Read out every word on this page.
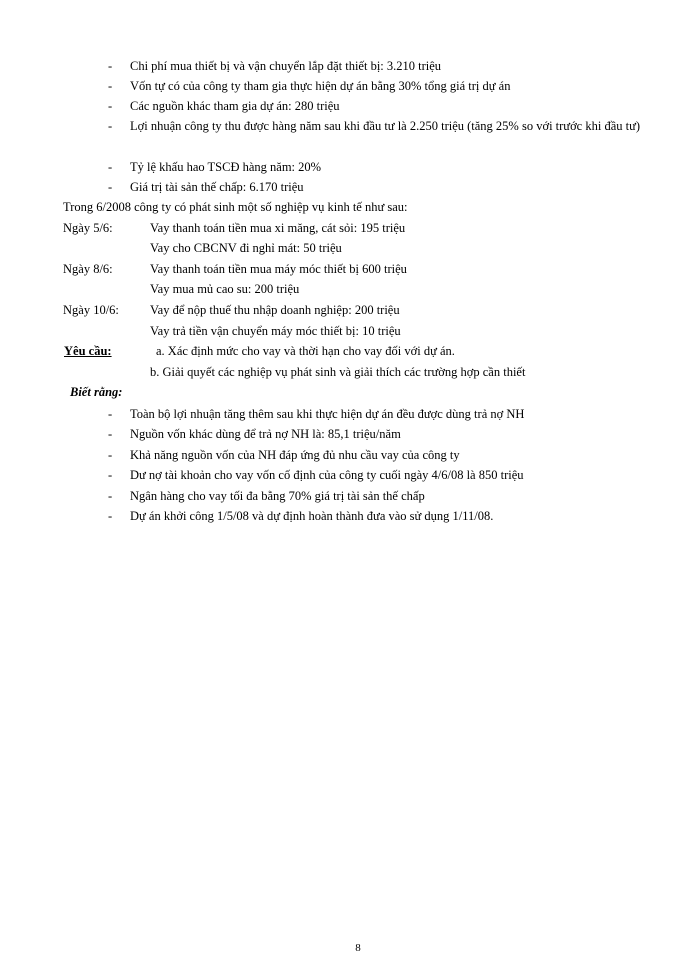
- Chi phí mua thiết bị và vận chuyển lắp đặt thiết bị: 3.210 triệu
- Vốn tự có của công ty tham gia thực hiện dự án bằng 30% tổng giá trị dự án
- Các nguồn khác tham gia dự án: 280 triệu
- Lợi nhuận công ty thu được hàng năm sau khi đầu tư là 2.250 triệu (tăng 25% so với trước khi đầu tư)
- Tỷ lệ khấu hao TSCĐ hàng năm: 20%
- Giá trị tài sản thế chấp: 6.170 triệu
Trong 6/2008 công ty có phát sinh một số nghiệp vụ kinh tế như sau:
Ngày 5/6:	Vay thanh toán tiền mua xi măng, cát sỏi: 195 triệu
Vay cho CBCNV đi nghỉ mát: 50 triệu
Ngày 8/6:	Vay thanh toán tiền mua máy móc thiết bị 600 triệu
Vay mua mủ cao su: 200 triệu
Ngày 10/6: Vay để nộp thuế thu nhập doanh nghiệp: 200 triệu
Vay trả tiền vận chuyển máy móc thiết bị: 10 triệu
Yêu cầu:	a. Xác định mức cho vay và thời hạn cho vay đối với dự án.
b. Giải quyết các nghiệp vụ phát sinh và giải thích các trường hợp cần thiết
Biết rằng:
- Toàn bộ lợi nhuận tăng thêm sau khi thực hiện dự án đều được dùng trả nợ NH
- Nguồn vốn khác dùng để trả nợ NH là: 85,1 triệu/năm
- Khả năng nguồn vốn của NH đáp ứng đủ nhu cầu vay của công ty
- Dư nợ tài khoản cho vay vốn cố định của công ty cuối ngày 4/6/08 là 850 triệu
- Ngân hàng cho vay tối đa bằng 70% giá trị tài sản thế chấp
- Dự án khởi công 1/5/08 và dự định hoàn thành đưa vào sử dụng 1/11/08.
8
